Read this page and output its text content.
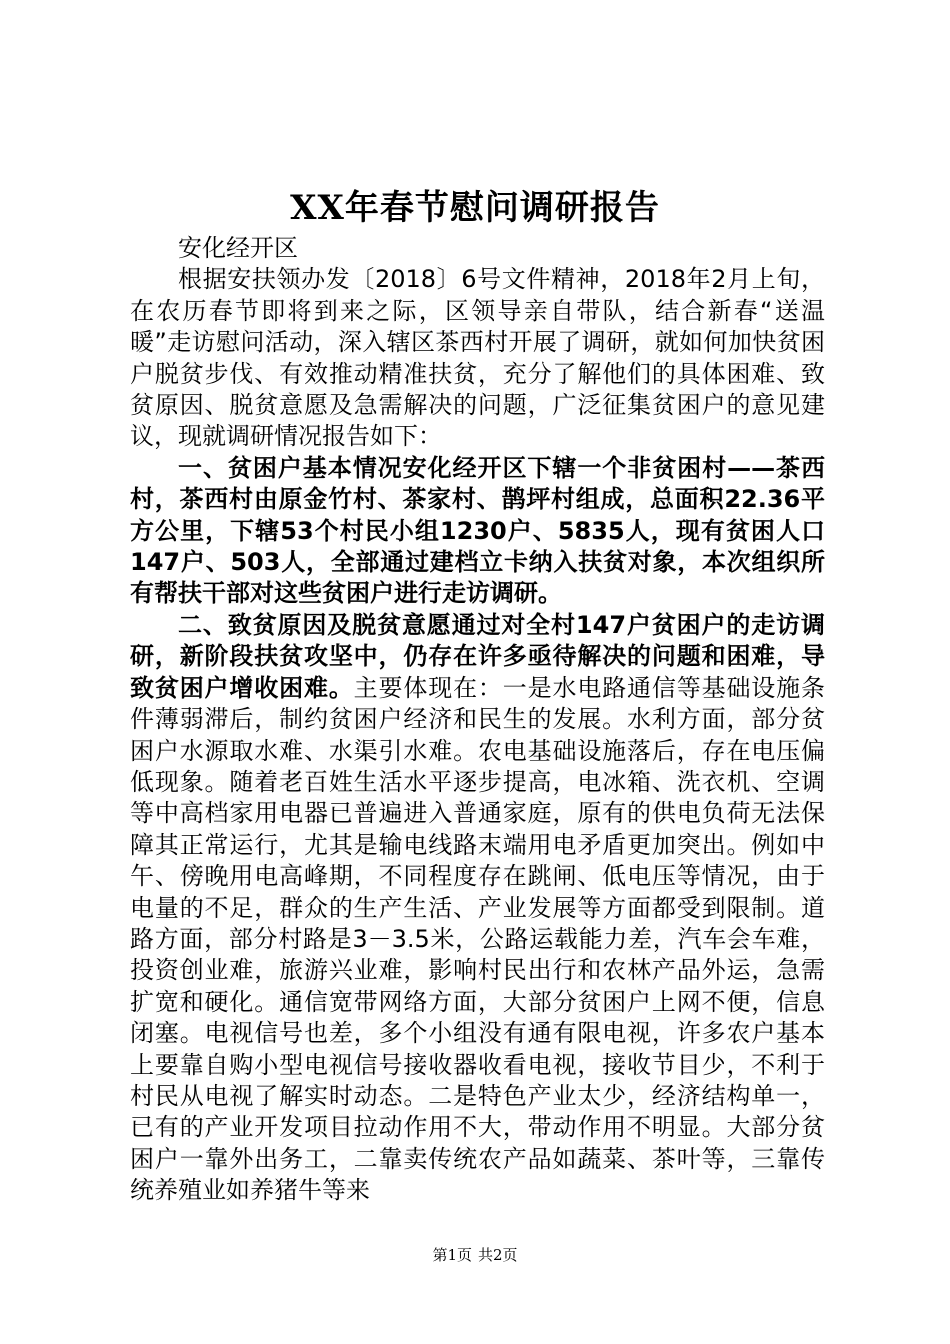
XX年春节慰问调研报告

安化经开区

根据安扶领办发〔2018〕6号文件精神，2018年2月上旬，在农历春节即将到来之际，区领导亲自带队，结合新春“送温暖”走访慰问活动，深入辖区茶西村开展了调研，就如何加快贫困户脱贫步伐、有效推动精准扶贫，充分了解他们的具体困难、致贫原因、脱贫意愿及急需解决的问题，广泛征集贫困户的意见建议，现就调研情况报告如下：

一、贫困户基本情况安化经开区下辖一个非贫困村——茶西村，茶西村由原金竹村、茶家村、鹊坪村组成，总面积22.36平方公里，下辖53个村民小组1230户、5835人，现有贫困人口147户、503人，全部通过建档立卡纳入扶贫对象，本次组织所有帮扶干部对这些贫困户进行走访调研。

二、致贫原因及脱贫意愿通过对全村147户贫困户的走访调研，新阶段扶贫攻坚中，仍存在许多亟待解决的问题和困难，导致贫困户增收困难。主要体现在：一是水电路通信等基础设施条件薄弱滞后，制约贫困户经济和民生的发展。水利方面，部分贫困户水源取水难、水渠引水难。农电基础设施落后，存在电压偏低现象。随着老百姓生活水平逐步提高，电冰箱、洗衣机、空调等中高档家用电器已普遍进入普通家庭，原有的供电负荷无法保障其正常运行，尤其是输电线路末端用电矛盾更加突出。例如中午、傍晚用电高峰期，不同程度存在跳闸、低电压等情况，由于电量的不足，群众的生产生活、产业发展等方面都受到限制。道路方面，部分村路是3－3.5米，公路运载能力差，汽车会车难，投资创业难，旅游兴业难，影响村民出行和农林产品外运，急需扩宽和硬化。通信宽带网络方面，大部分贫困户上网不便，信息闭塞。电视信号也差，多个小组没有通有限电视，许多农户基本上要靠自购小型电视信号接收器收看电视，接收节目少，不利于村民从电视了解实时动态。二是特色产业太少，经济结构单一，已有的产业开发项目拉动作用不大，带动作用不明显。大部分贫困户一靠外出务工，二靠卖传统农产品如蔬菜、茶叶等，三靠传统养殖业如养猪牛等来

第1页 共2页
